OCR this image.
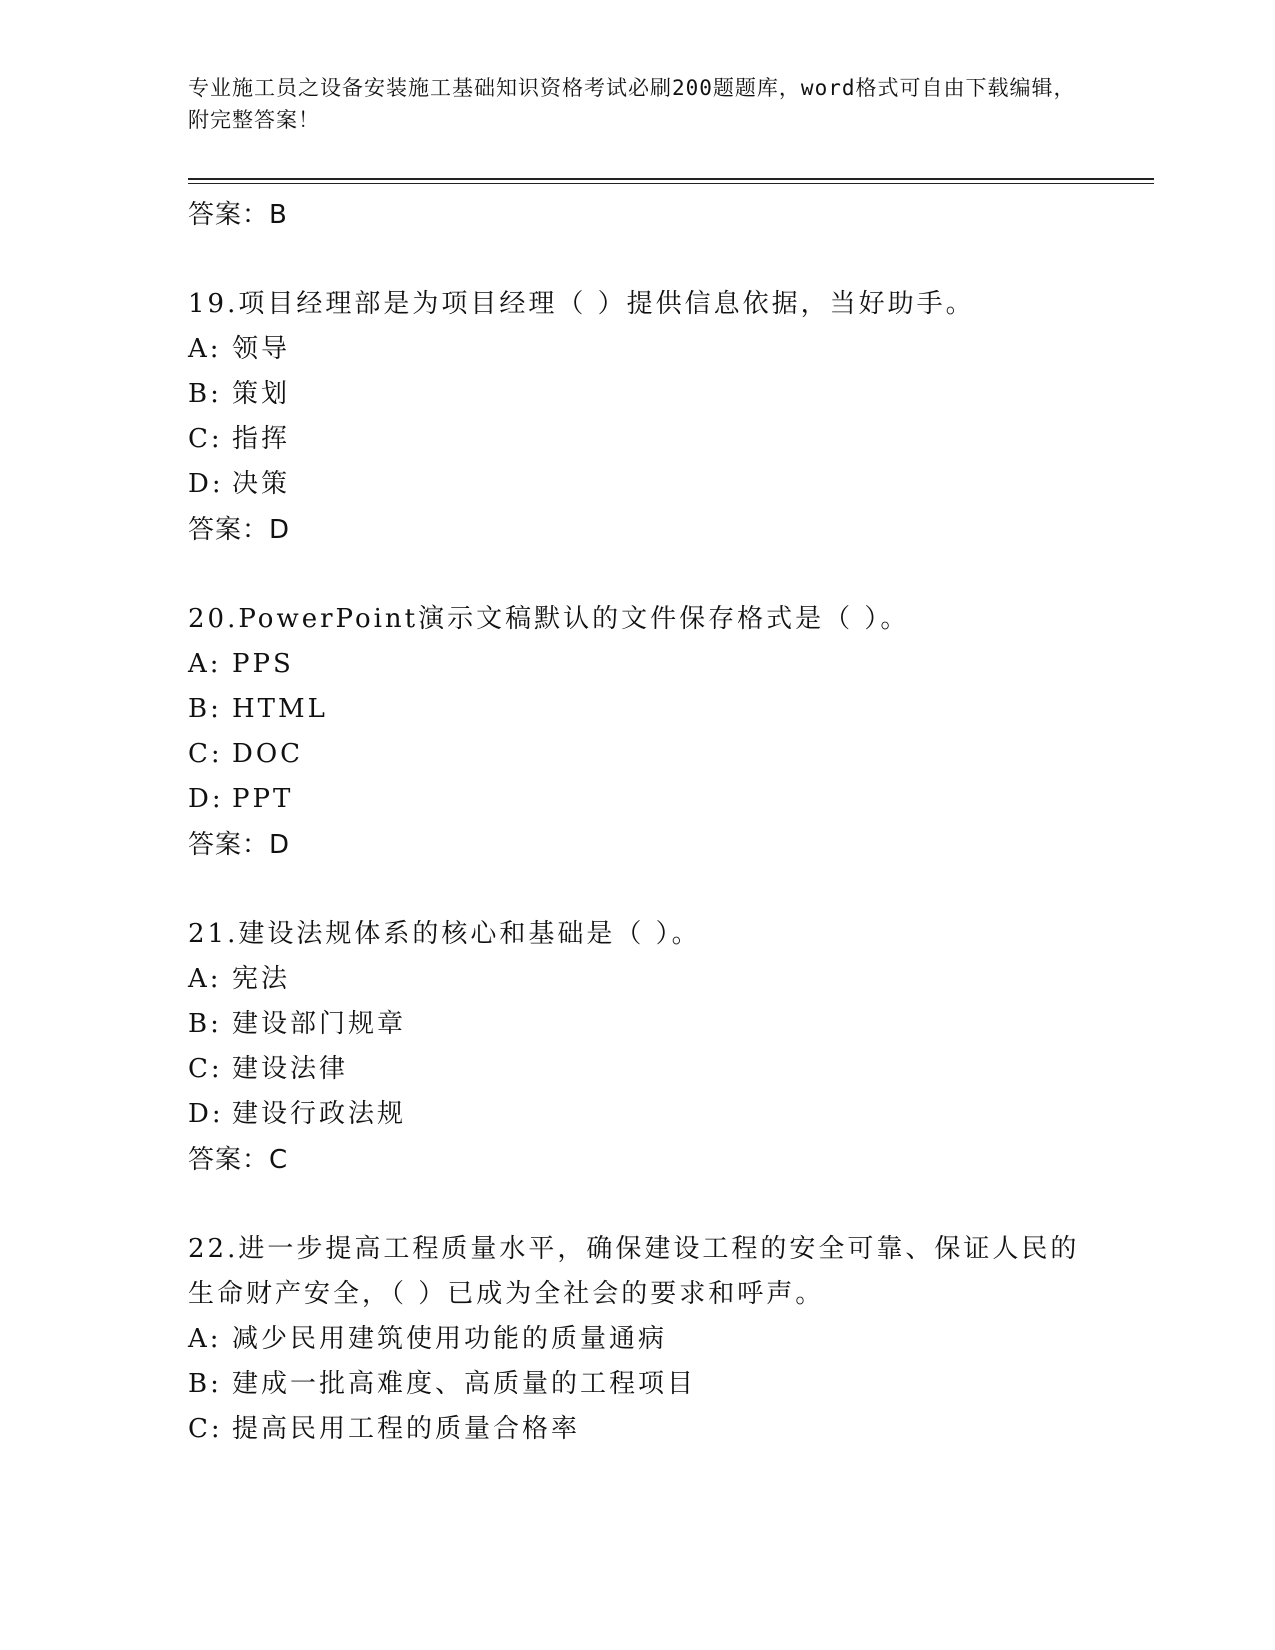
专业施工员之设备安装施工基础知识资格考试必刷200题题库，word格式可自由下载编辑，附完整答案！
答案：B
19.项目经理部是为项目经理（ ）提供信息依据，当好助手。
A: 领导
B: 策划
C: 指挥
D: 决策
答案：D
20.PowerPoint演示文稿默认的文件保存格式是（ ）。
A: PPS
B: HTML
C: DOC
D: PPT
答案：D
21.建设法规体系的核心和基础是（ ）。
A: 宪法
B: 建设部门规章
C: 建设法律
D: 建设行政法规
答案：C
22.进一步提高工程质量水平，确保建设工程的安全可靠、保证人民的生命财产安全，（ ）已成为全社会的要求和呼声。
A: 减少民用建筑使用功能的质量通病
B: 建成一批高难度、高质量的工程项目
C: 提高民用工程的质量合格率
